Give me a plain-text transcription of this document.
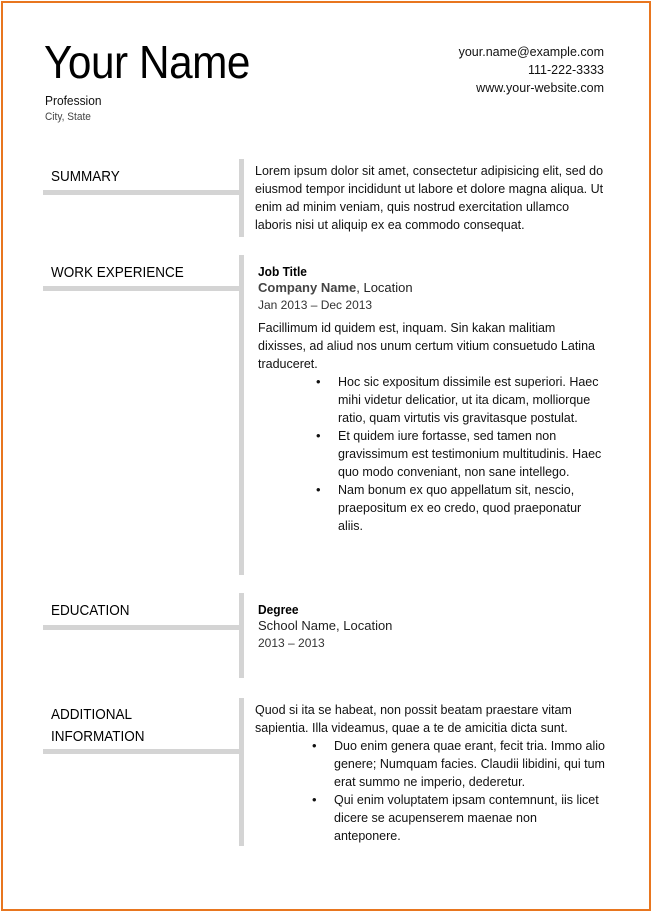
Your Name
Profession
City, State
your.name@example.com
111-222-3333
www.your-website.com
SUMMARY	Lorem ipsum dolor sit amet, consectetur adipisicing elit, sed do eiusmod tempor incididunt ut labore et dolore magna aliqua. Ut enim ad minim veniam, quis nostrud exercitation ullamco laboris nisi ut aliquip ex ea commodo consequat.
WORK EXPERIENCE	Job Title
Company Name, Location
Jan 2013 – Dec 2013
Facillimum id quidem est, inquam. Sin kakan malitiam dixisses, ad aliud nos unum certum vitium consuetudo Latina traduceret.
• Hoc sic expositum dissimile est superiori. Haec mihi videtur delicatior, ut ita dicam, molliorque ratio, quam virtutis vis gravitasque postulat.
• Et quidem iure fortasse, sed tamen non gravissimum est testimonium multitudinis. Haec quo modo conveniant, non sane intellego.
• Nam bonum ex quo appellatum sit, nescio, praepositum ex eo credo, quod praeponatur aliis.
EDUCATION	Degree
School Name, Location
2013 – 2013
ADDITIONAL
INFORMATION
Quod si ita se habeat, non possit beatam praestare vitam sapientia. Illa videamus, quae a te de amicitia dicta sunt.
• Duo enim genera quae erant, fecit tria. Immo alio genere; Numquam facies. Claudii libidini, qui tum erat summo ne imperio, dederetur.
• Qui enim voluptatem ipsam contemnunt, iis licet dicere se acupenserem maenae non anteponere.
